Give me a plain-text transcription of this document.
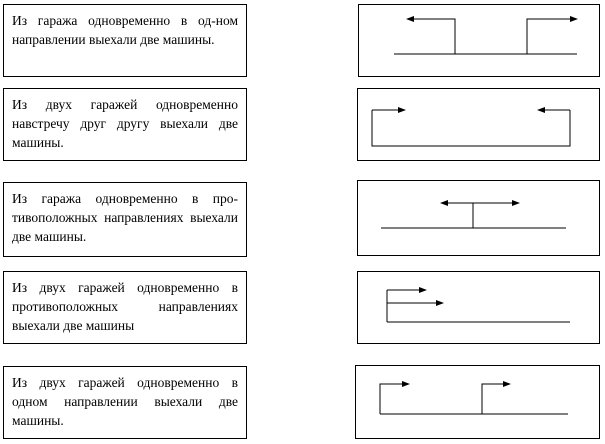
Из гаража одновременно в од-ном направлении выехали две машины.
Из двух гаражей одновременно навстречу друг другу выехали две машины.
Из гаража одновременно в про-тивоположных направлениях выехали две машины.
Из двух гаражей одновременно в противоположных направлениях выехали две машины
Из двух гаражей одновременно в одном направлении выехали две машины.
